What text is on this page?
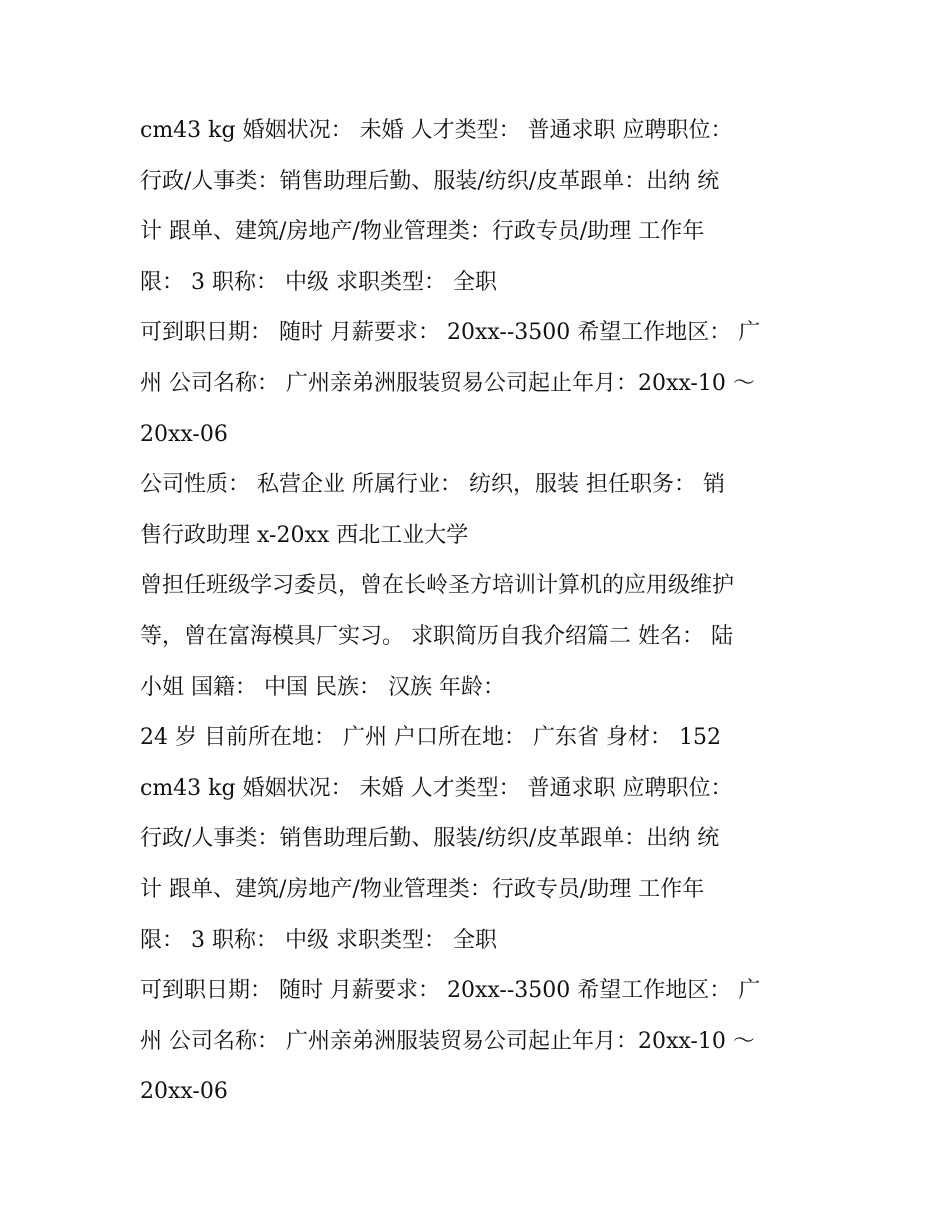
cm43 kg 婚姻状况： 未婚 人才类型： 普通求职 应聘职位：
行政/人事类：销售助理后勤、服装/纺织/皮革跟单：出纳 统
计 跟单、建筑/房地产/物业管理类：行政专员/助理 工作年
限： 3 职称： 中级 求职类型： 全职
可到职日期： 随时 月薪要求： 20xx--3500 希望工作地区： 广
州 公司名称： 广州亲弟洲服装贸易公司起止年月：20xx-10 ～
20xx-06
公司性质： 私营企业 所属行业： 纺织，服装 担任职务： 销
售行政助理 x-20xx 西北工业大学
曾担任班级学习委员，曾在长岭圣方培训计算机的应用级维护
等，曾在富海模具厂实习。 求职简历自我介绍篇二 姓名： 陆
小姐 国籍： 中国 民族： 汉族 年龄：
24 岁 目前所在地： 广州 户口所在地： 广东省 身材： 152
cm43 kg 婚姻状况： 未婚 人才类型： 普通求职 应聘职位：
行政/人事类：销售助理后勤、服装/纺织/皮革跟单：出纳 统
计 跟单、建筑/房地产/物业管理类：行政专员/助理 工作年
限： 3 职称： 中级 求职类型： 全职
可到职日期： 随时 月薪要求： 20xx--3500 希望工作地区： 广
州 公司名称： 广州亲弟洲服装贸易公司起止年月：20xx-10 ～
20xx-06
